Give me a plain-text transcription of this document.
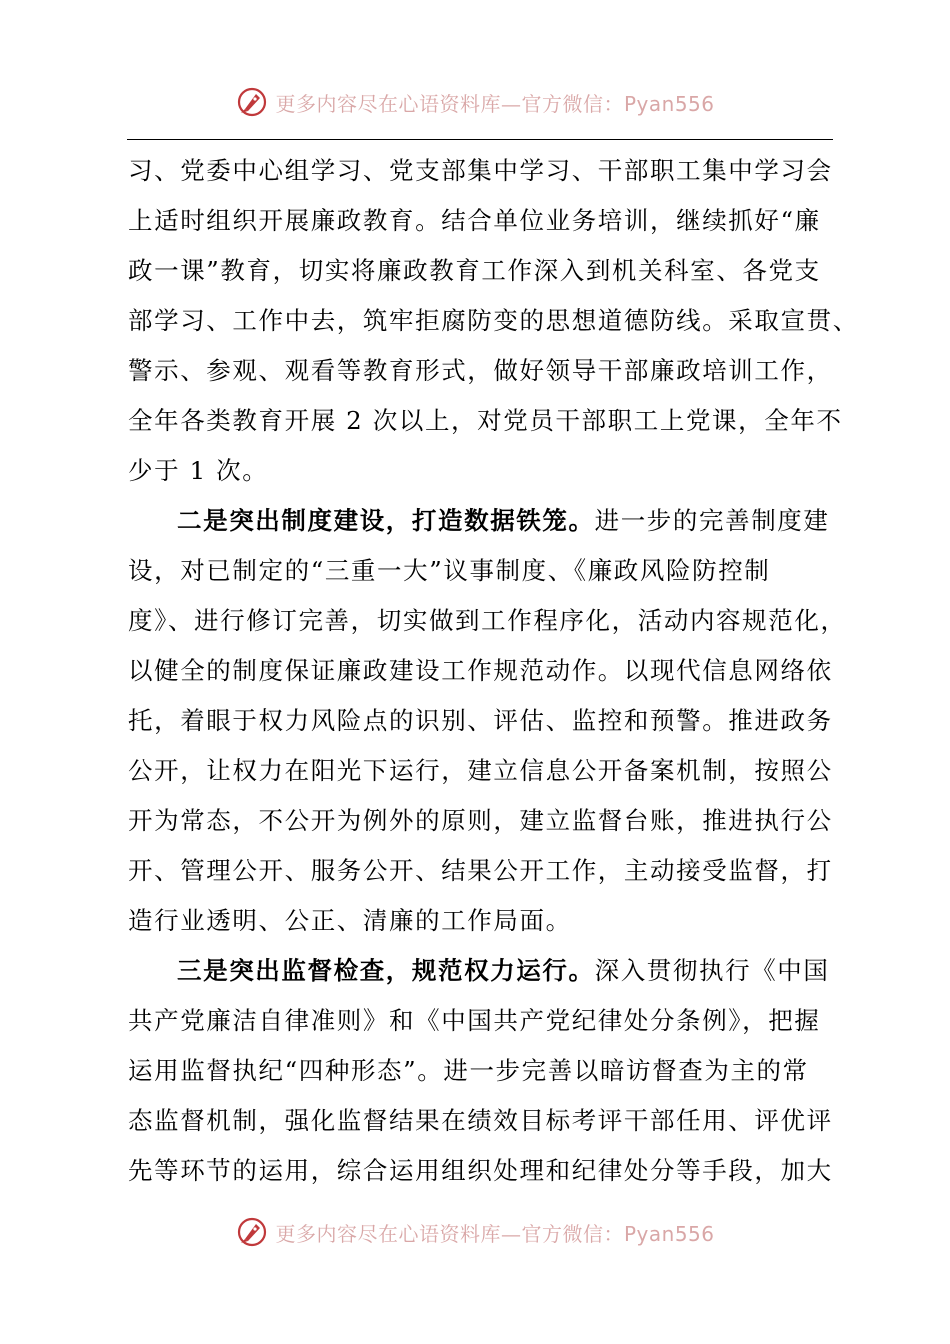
更多内容尽在心语资料库—官方微信：Pyan556
习、党委中心组学习、党支部集中学习、干部职工集中学习会
上适时组织开展廉政教育。结合单位业务培训，继续抓好“廉
政一课”教育，切实将廉政教育工作深入到机关科室、各党支
部学习、工作中去，筑牢拒腐防变的思想道德防线。采取宣贯、
警示、参观、观看等教育形式，做好领导干部廉政培训工作，
全年各类教育开展 2 次以上，对党员干部职工上党课，全年不
少于 1 次。
二是突出制度建设，打造数据铁笼。进一步的完善制度建
设，对已制定的“三重一大”议事制度、《廉政风险防控制
度》、进行修订完善，切实做到工作程序化，活动内容规范化，
以健全的制度保证廉政建设工作规范动作。以现代信息网络依
托，着眼于权力风险点的识别、评估、监控和预警。推进政务
公开，让权力在阳光下运行，建立信息公开备案机制，按照公
开为常态，不公开为例外的原则，建立监督台账，推进执行公
开、管理公开、服务公开、结果公开工作，主动接受监督，打
造行业透明、公正、清廉的工作局面。
三是突出监督检查，规范权力运行。深入贯彻执行《中国
共产党廉洁自律准则》和《中国共产党纪律处分条例》，把握
运用监督执纪“四种形态”。进一步完善以暗访督查为主的常
态监督机制，强化监督结果在绩效目标考评干部任用、评优评
先等环节的运用，综合运用组织处理和纪律处分等手段，加大
更多内容尽在心语资料库—官方微信：Pyan556
